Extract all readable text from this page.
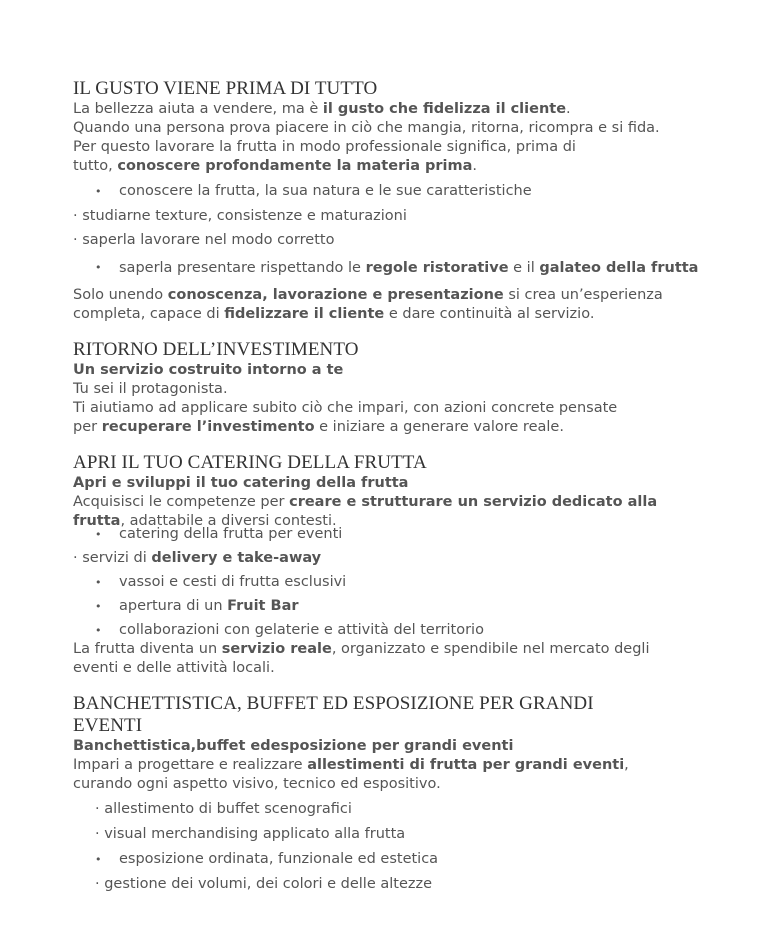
IL GUSTO VIENE PRIMA DI TUTTO

La bellezza aiuta a vendere, ma è il gusto che fidelizza il cliente.

Quando una persona prova piacere in ciò che mangia, ritorna, ricompra e si fida.

Per questo lavorare la frutta in modo professionale significa, prima di
tutto, conoscere profondamente la materia prima.

• conoscere la frutta, la sua natura e le sue caratteristiche
· studiarne texture, consistenze e maturazioni
· saperla lavorare nel modo corretto
• saperla presentare rispettando le regole ristorative e il galateo della frutta

Solo unendo conoscenza, lavorazione e presentazione si crea un’esperienza
completa, capace di fidelizzare il cliente e dare continuità al servizio.

RITORNO DELL’INVESTIMENTO

Un servizio costruito intorno a te

Tu sei il protagonista.

Ti aiutiamo ad applicare subito ciò che impari, con azioni concrete pensate

per recuperare l’investimento e iniziare a generare valore reale.

APRI IL TUO CATERING DELLA FRUTTA

Apri e sviluppi il tuo catering della frutta

Acquisisci le competenze per creare e strutturare un servizio dedicato alla
frutta, adattabile a diversi contesti.

• catering della frutta per eventi
· servizi di delivery e take-away
• vassoi e cesti di frutta esclusivi
• apertura di un Fruit Bar
• collaborazioni con gelaterie e attività del territorio

La frutta diventa un servizio reale, organizzato e spendibile nel mercato degli
eventi e delle attività locali.

BANCHETTISTICA, BUFFET ED ESPOSIZIONE PER GRANDI
EVENTI

Banchettistica,buffet edesposizione per grandi eventi

Impari a progettare e realizzare allestimenti di frutta per grandi eventi,

curando ogni aspetto visivo, tecnico ed espositivo.

· allestimento di buffet scenografici
· visual merchandising applicato alla frutta
• esposizione ordinata, funzionale ed estetica
· gestione dei volumi, dei colori e delle altezze
